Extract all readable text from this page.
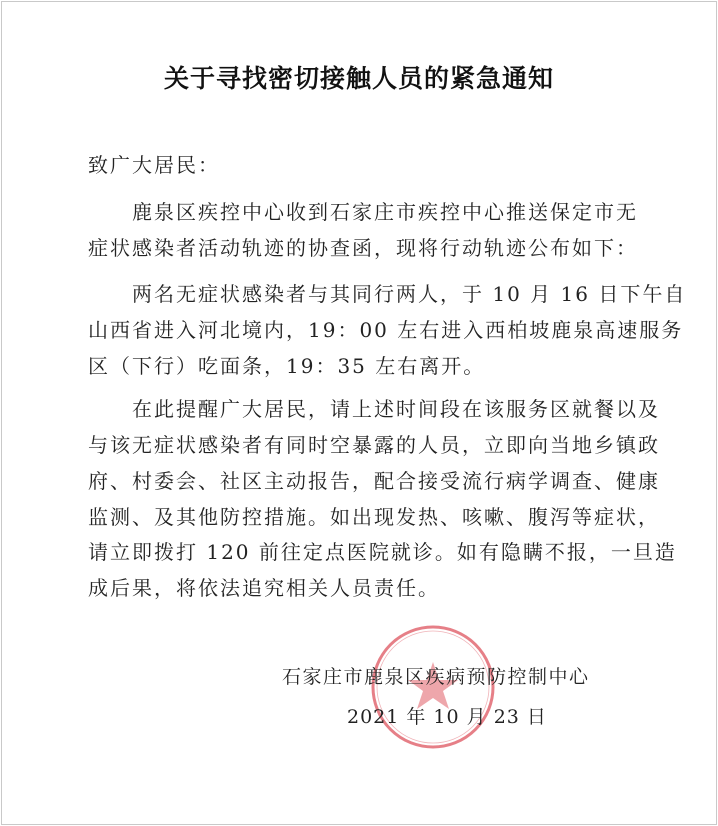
关于寻找密切接触人员的紧急通知
致广大居民：
鹿泉区疾控中心收到石家庄市疾控中心推送保定市无
症状感染者活动轨迹的协查函，现将行动轨迹公布如下：
两名无症状感染者与其同行两人，于 10 月 16 日下午自
山西省进入河北境内，19：00 左右进入西柏坡鹿泉高速服务
区（下行）吃面条，19：35 左右离开。
在此提醒广大居民，请上述时间段在该服务区就餐以及
与该无症状感染者有同时空暴露的人员，立即向当地乡镇政
府、村委会、社区主动报告，配合接受流行病学调查、健康
监测、及其他防控措施。如出现发热、咳嗽、腹泻等症状，
请立即拨打 120 前往定点医院就诊。如有隐瞒不报，一旦造
成后果，将依法追究相关人员责任。
石家庄市鹿泉区疾病预防控制中心
2021 年 10 月 23 日
